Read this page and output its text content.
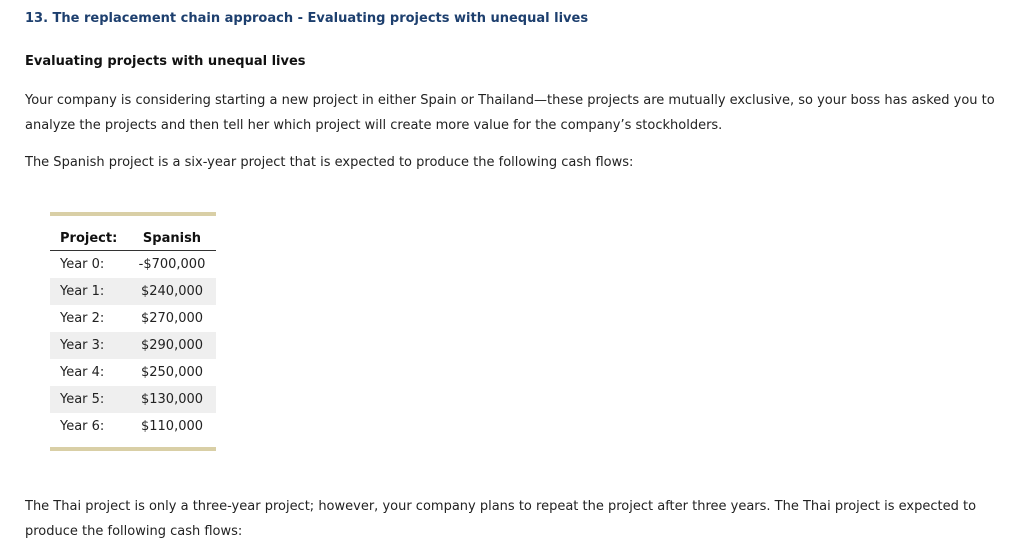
13. The replacement chain approach - Evaluating projects with unequal lives
Evaluating projects with unequal lives
Your company is considering starting a new project in either Spain or Thailand—these projects are mutually exclusive, so your boss has asked you to analyze the projects and then tell her which project will create more value for the company’s stockholders.
The Spanish project is a six-year project that is expected to produce the following cash flows:
Project:	Spanish
Year 0:	-$700,000
Year 1:	$240,000
Year 2:	$270,000
Year 3:	$290,000
Year 4:	$250,000
Year 5:	$130,000
Year 6:	$110,000
The Thai project is only a three-year project; however, your company plans to repeat the project after three years. The Thai project is expected to produce the following cash flows:
